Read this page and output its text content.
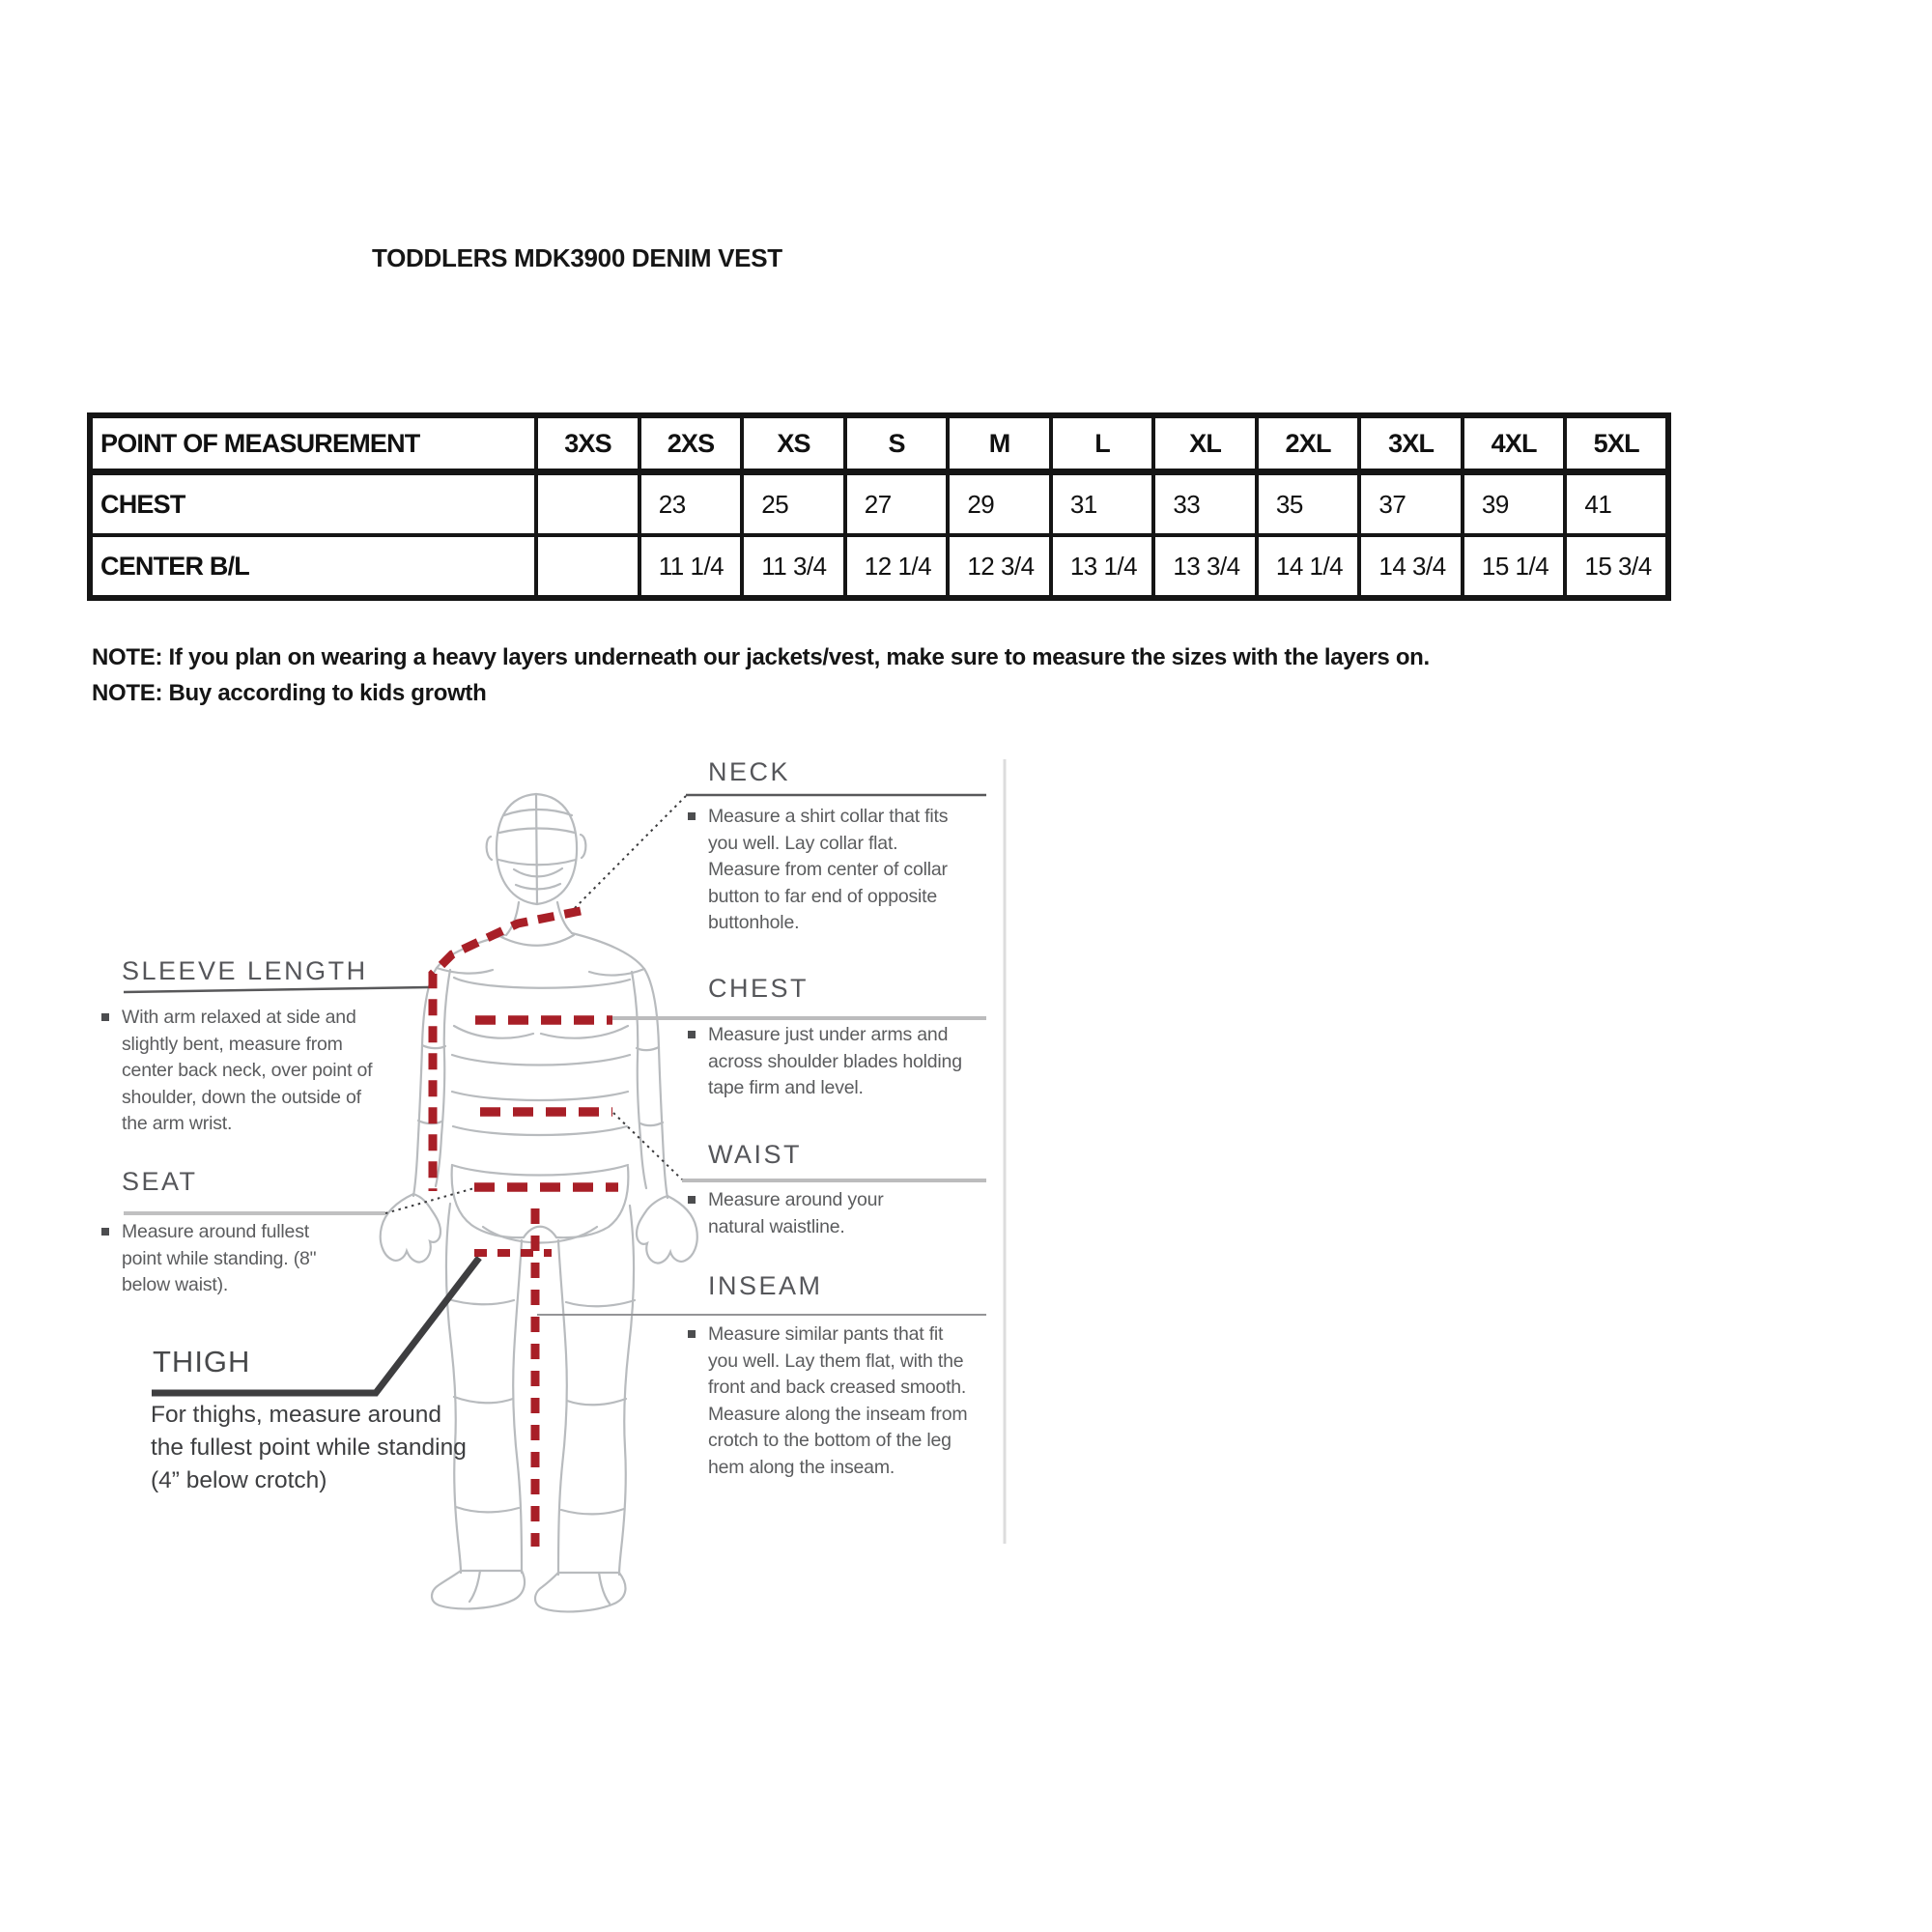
TODDLERS MDK3900 DENIM VEST
POINT OF MEASUREMENT	3XS	2XS	XS	S	M	L	XL	2XL	3XL	4XL	5XL
CHEST		23	25	27	29	31	33	35	37	39	41
CENTER B/L		11 1/4	11 3/4	12 1/4	12 3/4	13 1/4	13 3/4	14 1/4	14 3/4	15 1/4	15 3/4
NOTE: If you plan on wearing a heavy layers underneath our jackets/vest, make sure to measure the sizes with the layers on.
NOTE: Buy according to kids growth
NECK
Measure a shirt collar that fits you well. Lay collar flat. Measure from center of collar button to far end of opposite buttonhole.
CHEST
Measure just under arms and across shoulder blades holding tape firm and level.
WAIST
Measure around your natural waistline.
INSEAM
Measure similar pants that fit you well. Lay them flat, with the front and back creased smooth. Measure along the inseam from crotch to the bottom of the leg hem along the inseam.
SLEEVE LENGTH
With arm relaxed at side and slightly bent, measure from center back neck, over point of shoulder, down the outside of the arm wrist.
SEAT
Measure around fullest point while standing. (8" below waist).
THIGH
For thighs, measure around the fullest point while standing (4” below crotch)
